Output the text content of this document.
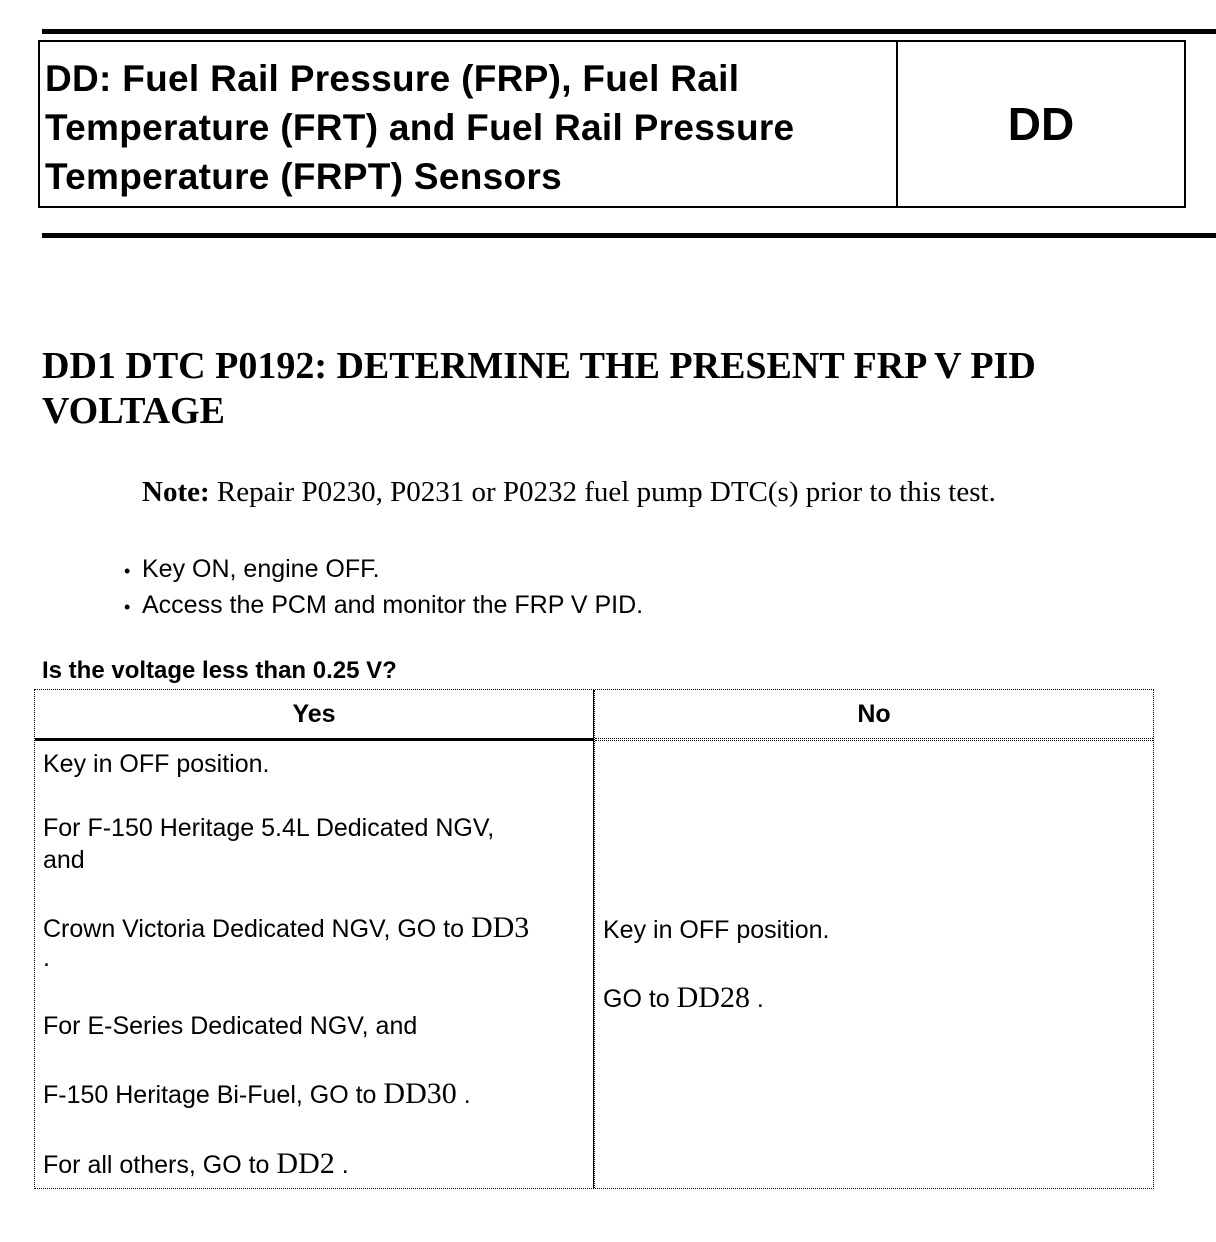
DD: Fuel Rail Pressure (FRP), Fuel Rail
Temperature (FRT) and Fuel Rail Pressure
Temperature (FRPT) Sensors
DD
DD1 DTC P0192: DETERMINE THE PRESENT FRP V PID
VOLTAGE
Note: Repair P0230, P0231 or P0232 fuel pump DTC(s) prior to this test.
• Key ON, engine OFF.
• Access the PCM and monitor the FRP V PID.
Is the voltage less than 0.25 V?
Yes	No
Key in OFF position.
For F-150 Heritage 5.4L Dedicated NGV,
and
Crown Victoria Dedicated NGV, GO to DD3
.
For E-Series Dedicated NGV, and
F-150 Heritage Bi-Fuel, GO to DD30 .
For all others, GO to DD2 .
Key in OFF position.
GO to DD28 .
